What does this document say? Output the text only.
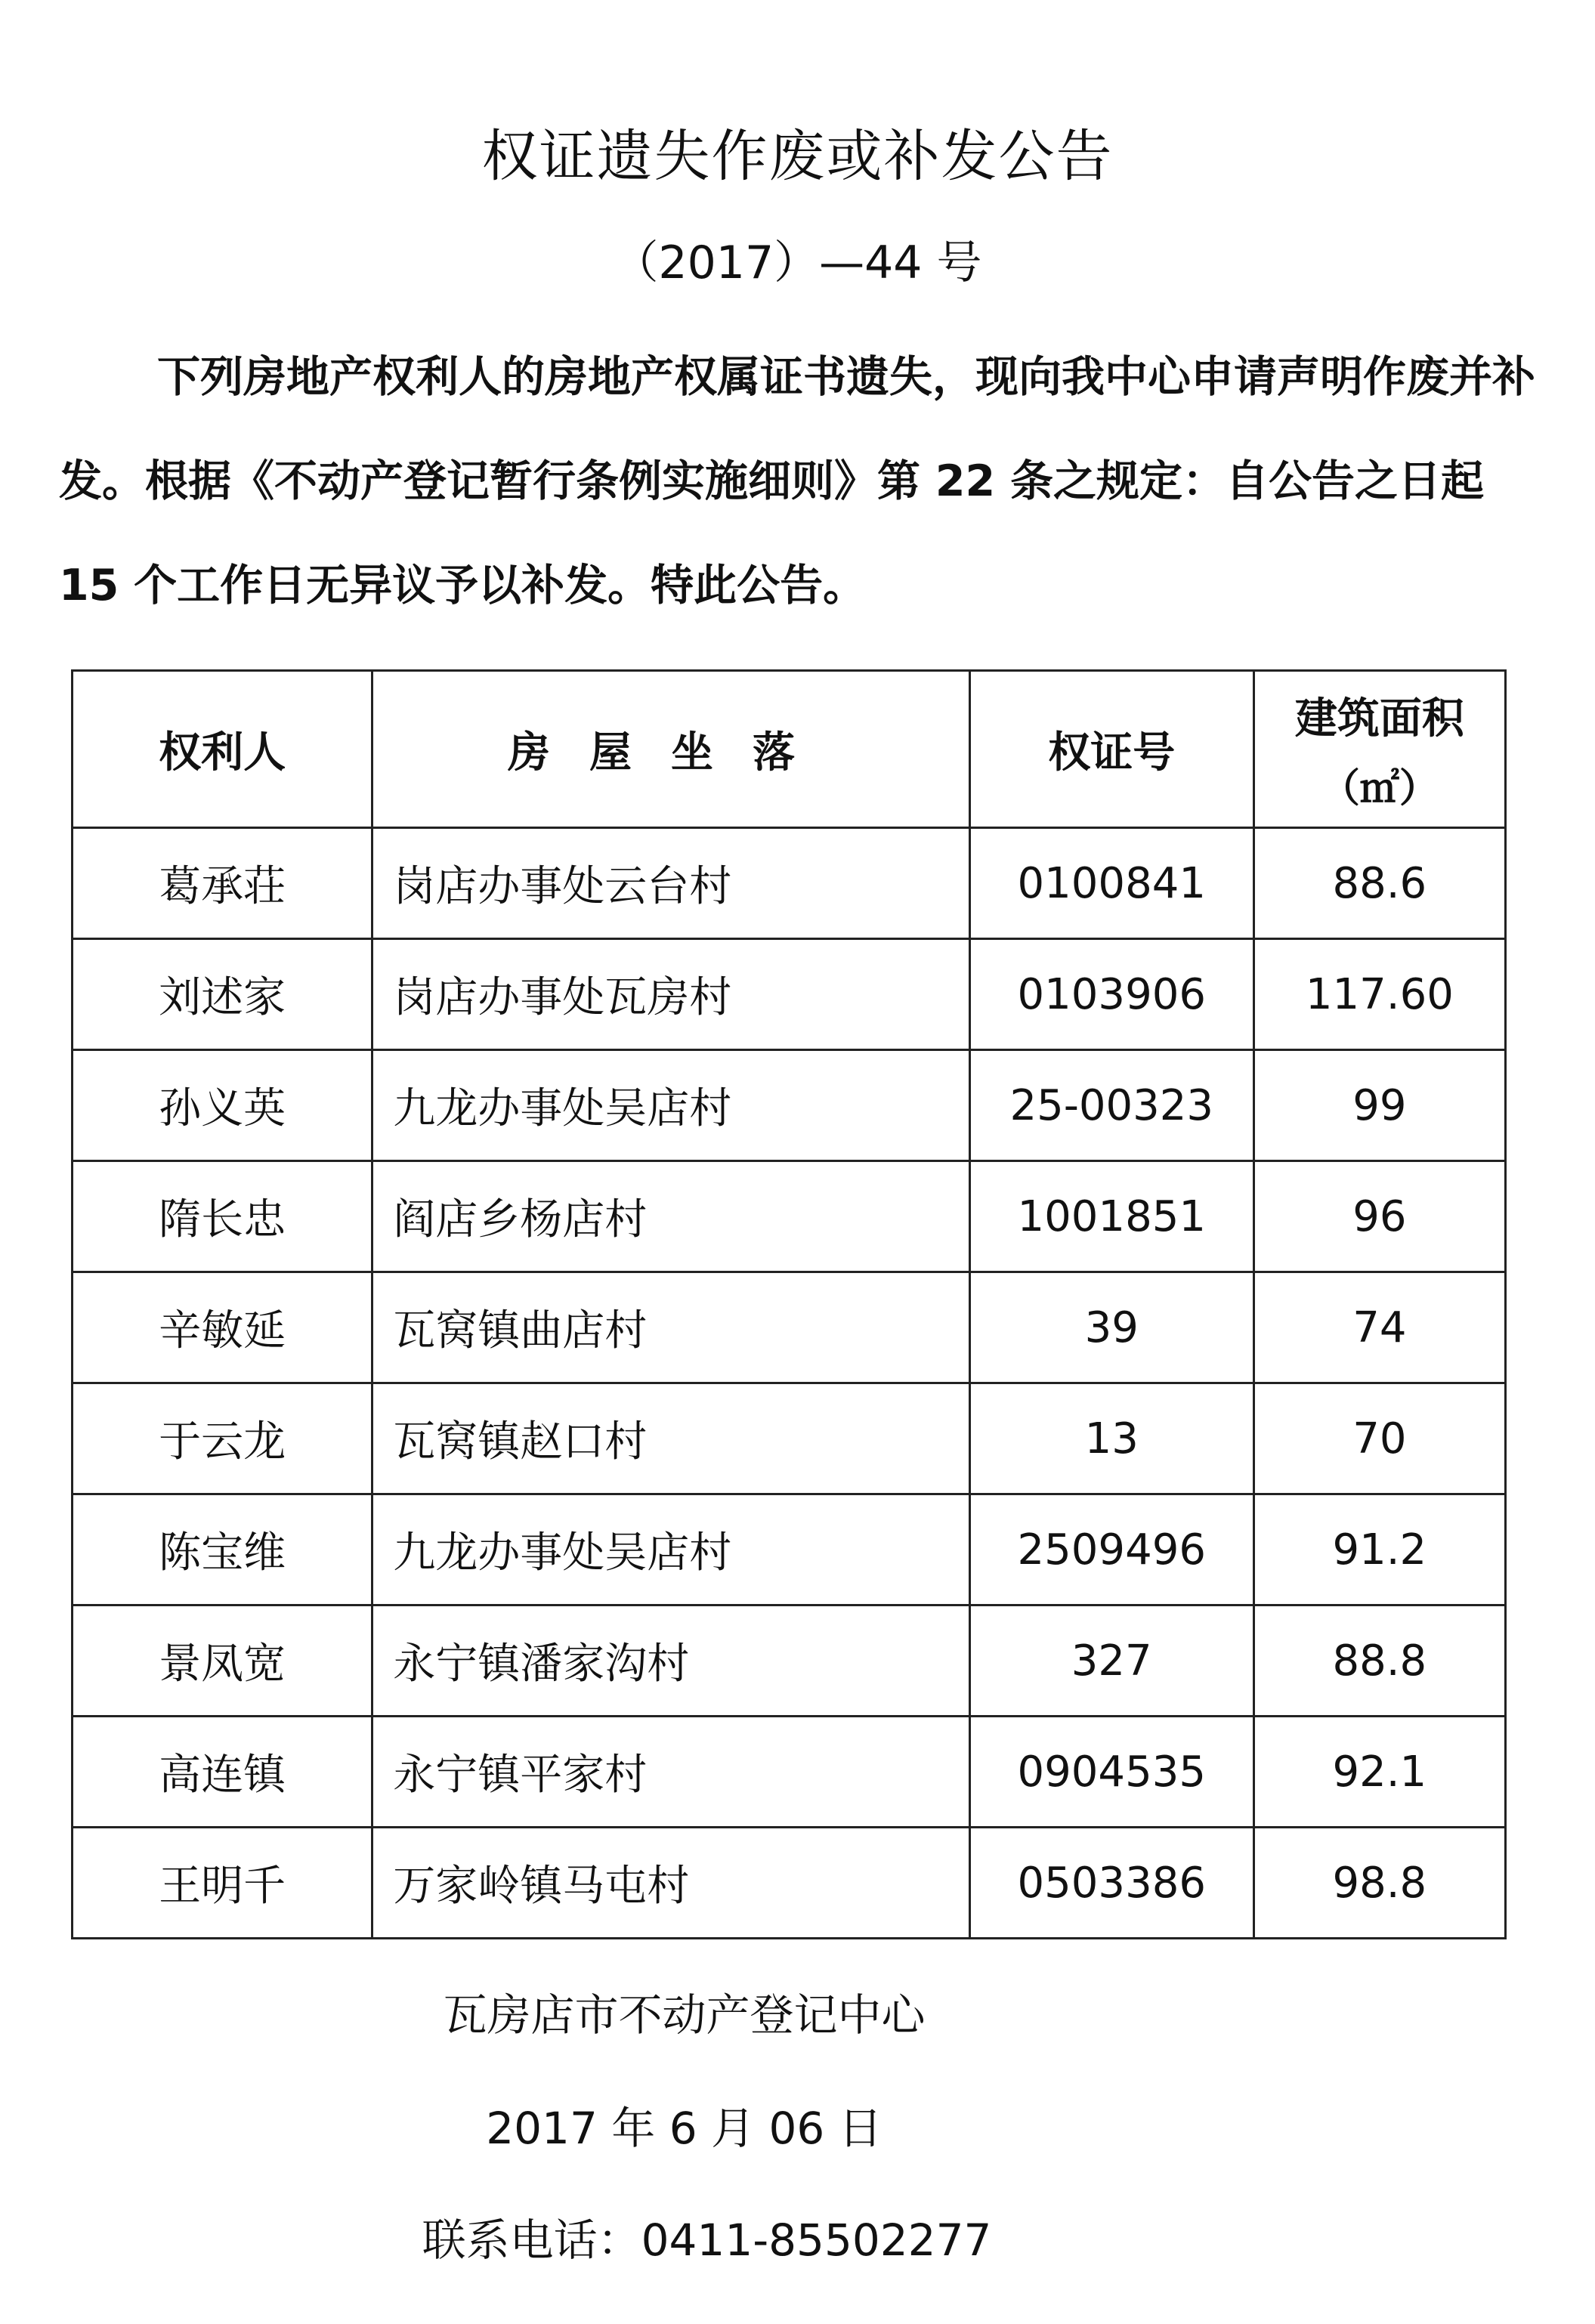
权证遗失作废或补发公告
（2017）—44 号

下列房地产权利人的房地产权属证书遗失，现向我中心申请声明作废并补发。根据《不动产登记暂行条例实施细则》第 22 条之规定：自公告之日起 15 个工作日无异议予以补发。特此公告。

权利人	房屋坐落	权证号	建筑面积
（㎡）

葛承荘	岗店办事处云台村	0100841	88.6
刘述家	岗店办事处瓦房村	0103906	117.60
孙义英	九龙办事处吴店村	25-00323	99
隋长忠	阎店乡杨店村	1001851	96
辛敏延	瓦窝镇曲店村	39	74
于云龙	瓦窝镇赵口村	13	70
陈宝维	九龙办事处吴店村	2509496	91.2
景凤宽	永宁镇潘家沟村	327	88.8
高连镇	永宁镇平家村	0904535	92.1
王明千	万家岭镇马屯村	0503386	98.8
瓦房店市不动产登记中心
2017 年 6 月 06 日
联系电话：0411-85502277
